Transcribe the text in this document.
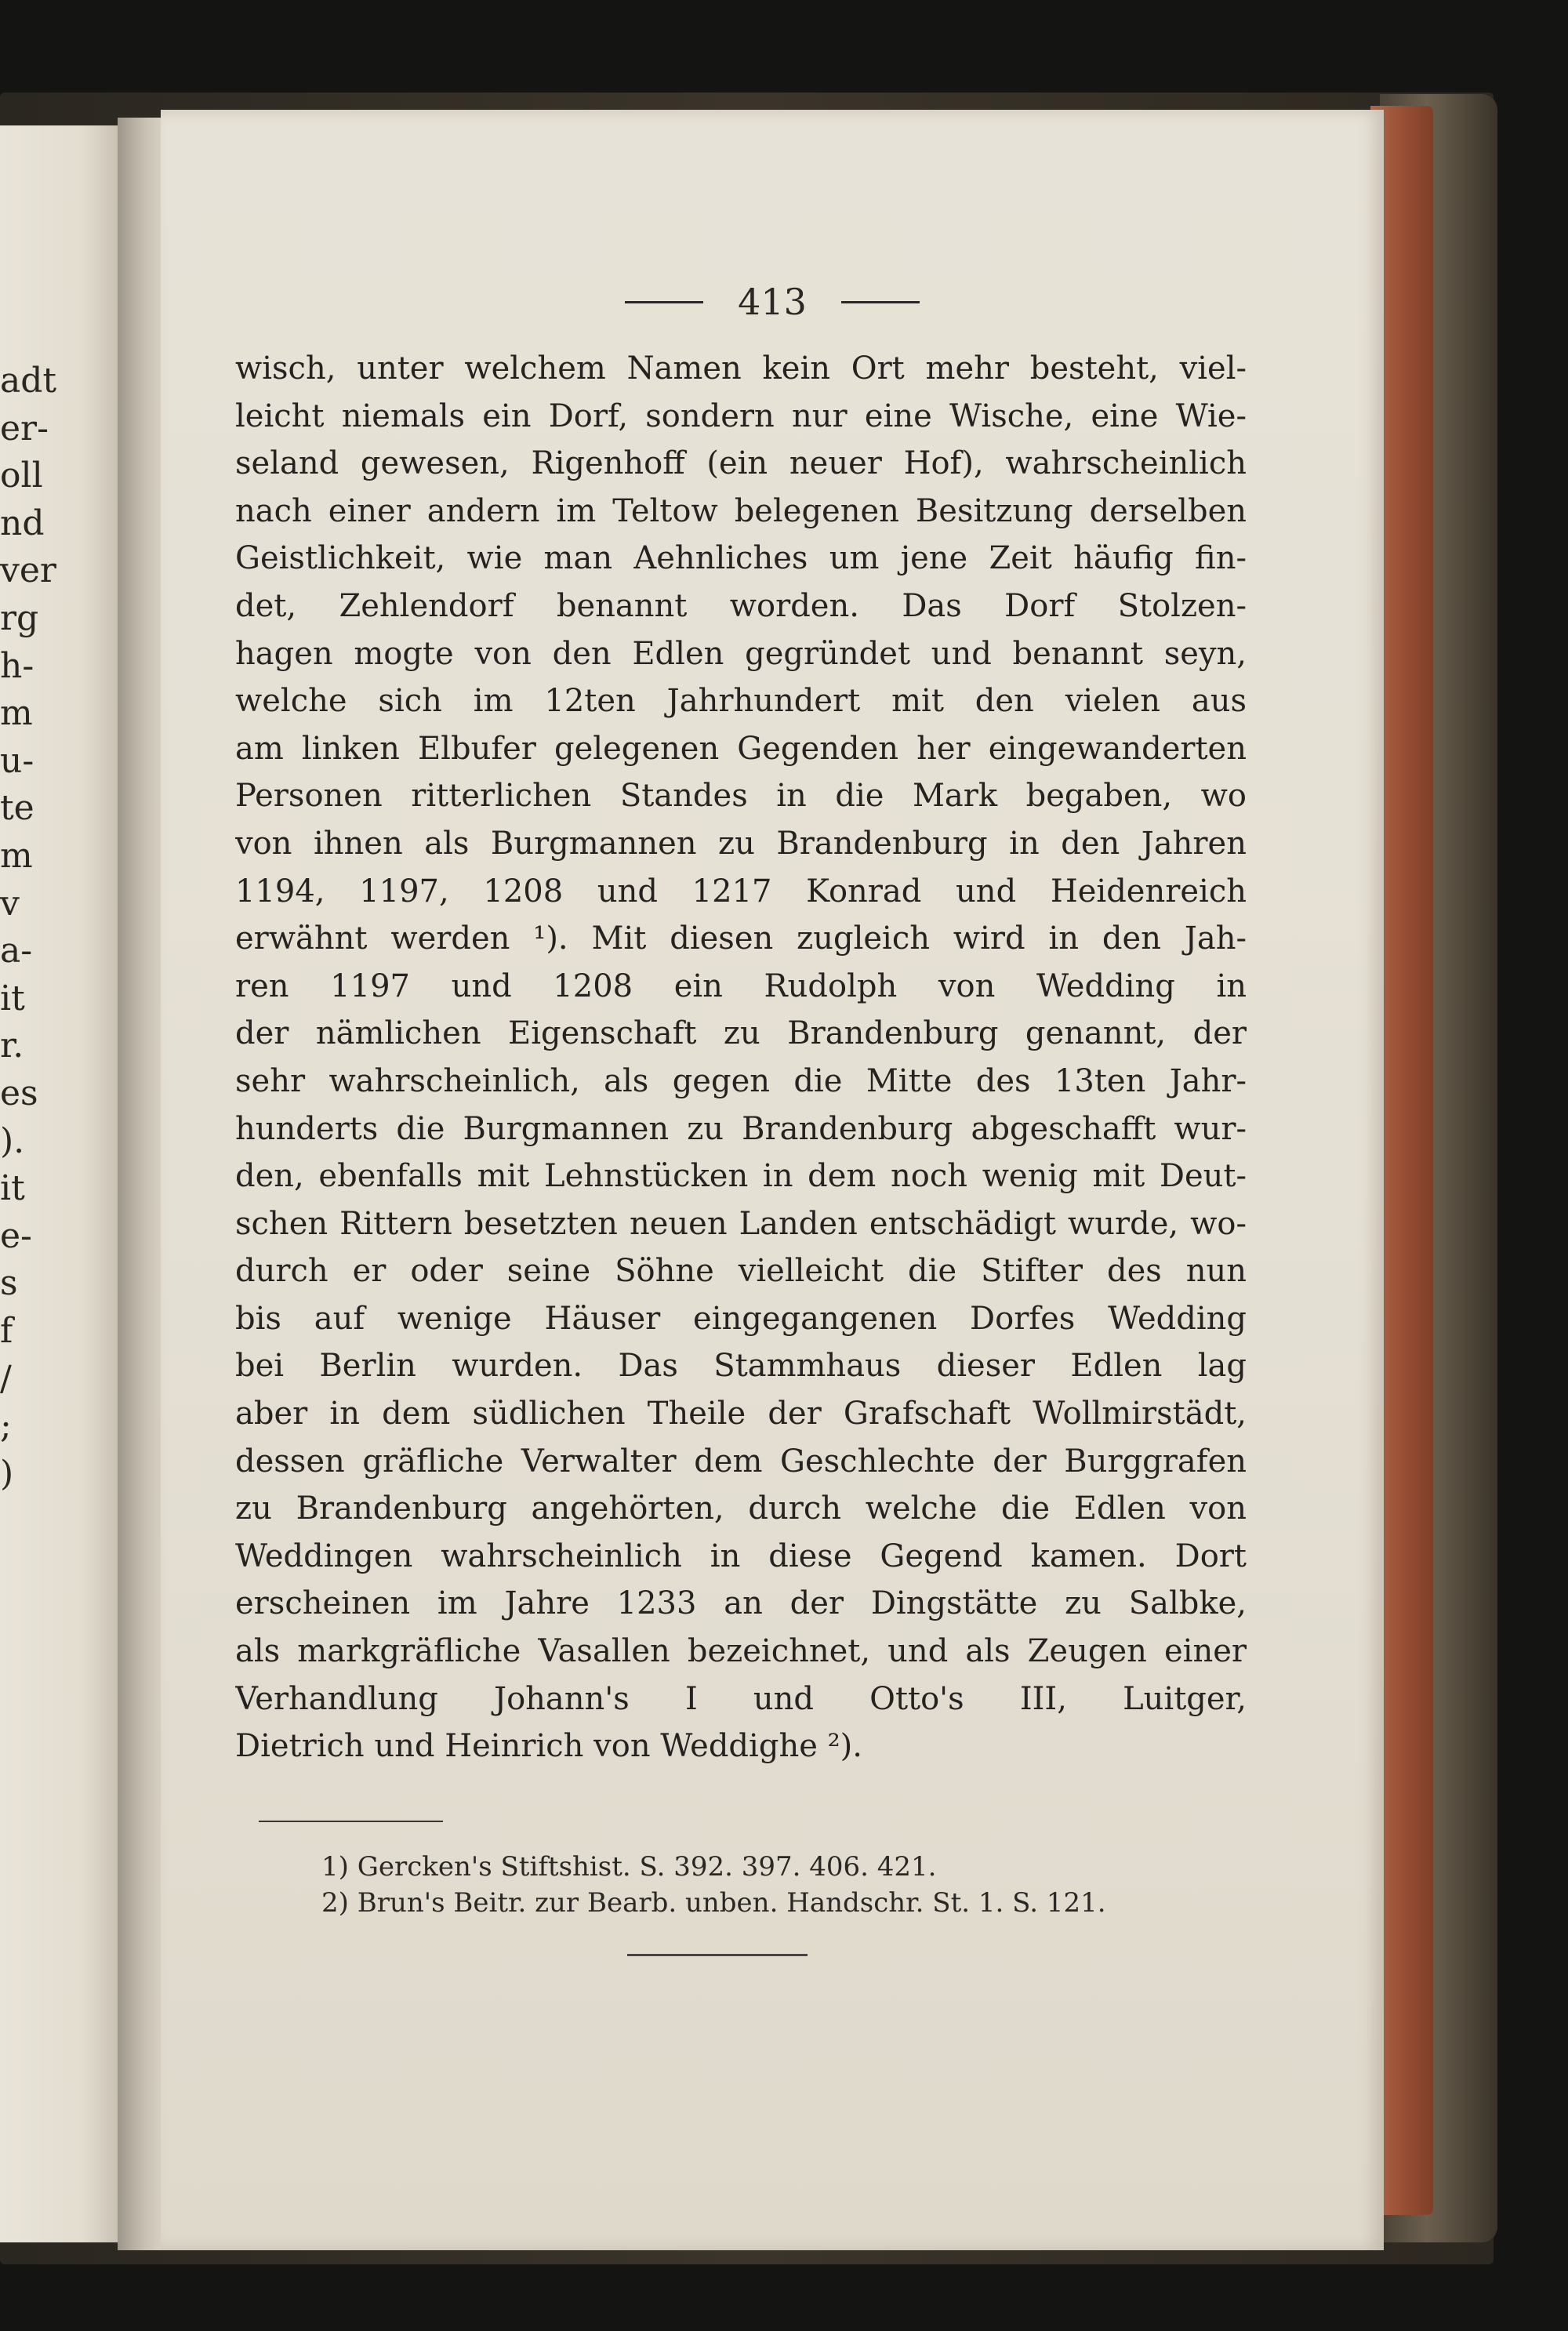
adt
er-
oll
nd
ver
rg
h-
m
u-
te
m
v
a-
it
r.
es
).
it
e-
s
f
/
;
)
413
wisch, unter welchem Namen kein Ort mehr besteht, viel-
leicht niemals ein Dorf, sondern nur eine Wische, eine Wie-
seland gewesen, Rigenhoff (ein neuer Hof), wahrscheinlich
nach einer andern im Teltow belegenen Besitzung derselben
Geistlichkeit, wie man Aehnliches um jene Zeit häufig fin-
det, Zehlendorf benannt worden. Das Dorf Stolzen-
hagen mogte von den Edlen gegründet und benannt seyn,
welche sich im 12ten Jahrhundert mit den vielen aus
am linken Elbufer gelegenen Gegenden her eingewanderten
Personen ritterlichen Standes in die Mark begaben, wo
von ihnen als Burgmannen zu Brandenburg in den Jahren
1194, 1197, 1208 und 1217 Konrad und Heidenreich
erwähnt werden ¹). Mit diesen zugleich wird in den Jah-
ren 1197 und 1208 ein Rudolph von Wedding in
der nämlichen Eigenschaft zu Brandenburg genannt, der
sehr wahrscheinlich, als gegen die Mitte des 13ten Jahr-
hunderts die Burgmannen zu Brandenburg abgeschafft wur-
den, ebenfalls mit Lehnstücken in dem noch wenig mit Deut-
schen Rittern besetzten neuen Landen entschädigt wurde, wo-
durch er oder seine Söhne vielleicht die Stifter des nun
bis auf wenige Häuser eingegangenen Dorfes Wedding
bei Berlin wurden. Das Stammhaus dieser Edlen lag
aber in dem südlichen Theile der Grafschaft Wollmirstädt,
dessen gräfliche Verwalter dem Geschlechte der Burggrafen
zu Brandenburg angehörten, durch welche die Edlen von
Weddingen wahrscheinlich in diese Gegend kamen. Dort
erscheinen im Jahre 1233 an der Dingstätte zu Salbke,
als markgräfliche Vasallen bezeichnet, und als Zeugen einer
Verhandlung Johann's I und Otto's III, Luitger,
Dietrich und Heinrich von Weddighe ²).
1) Gercken's Stiftshist. S. 392. 397. 406. 421.
2) Brun's Beitr. zur Bearb. unben. Handschr. St. 1. S. 121.
